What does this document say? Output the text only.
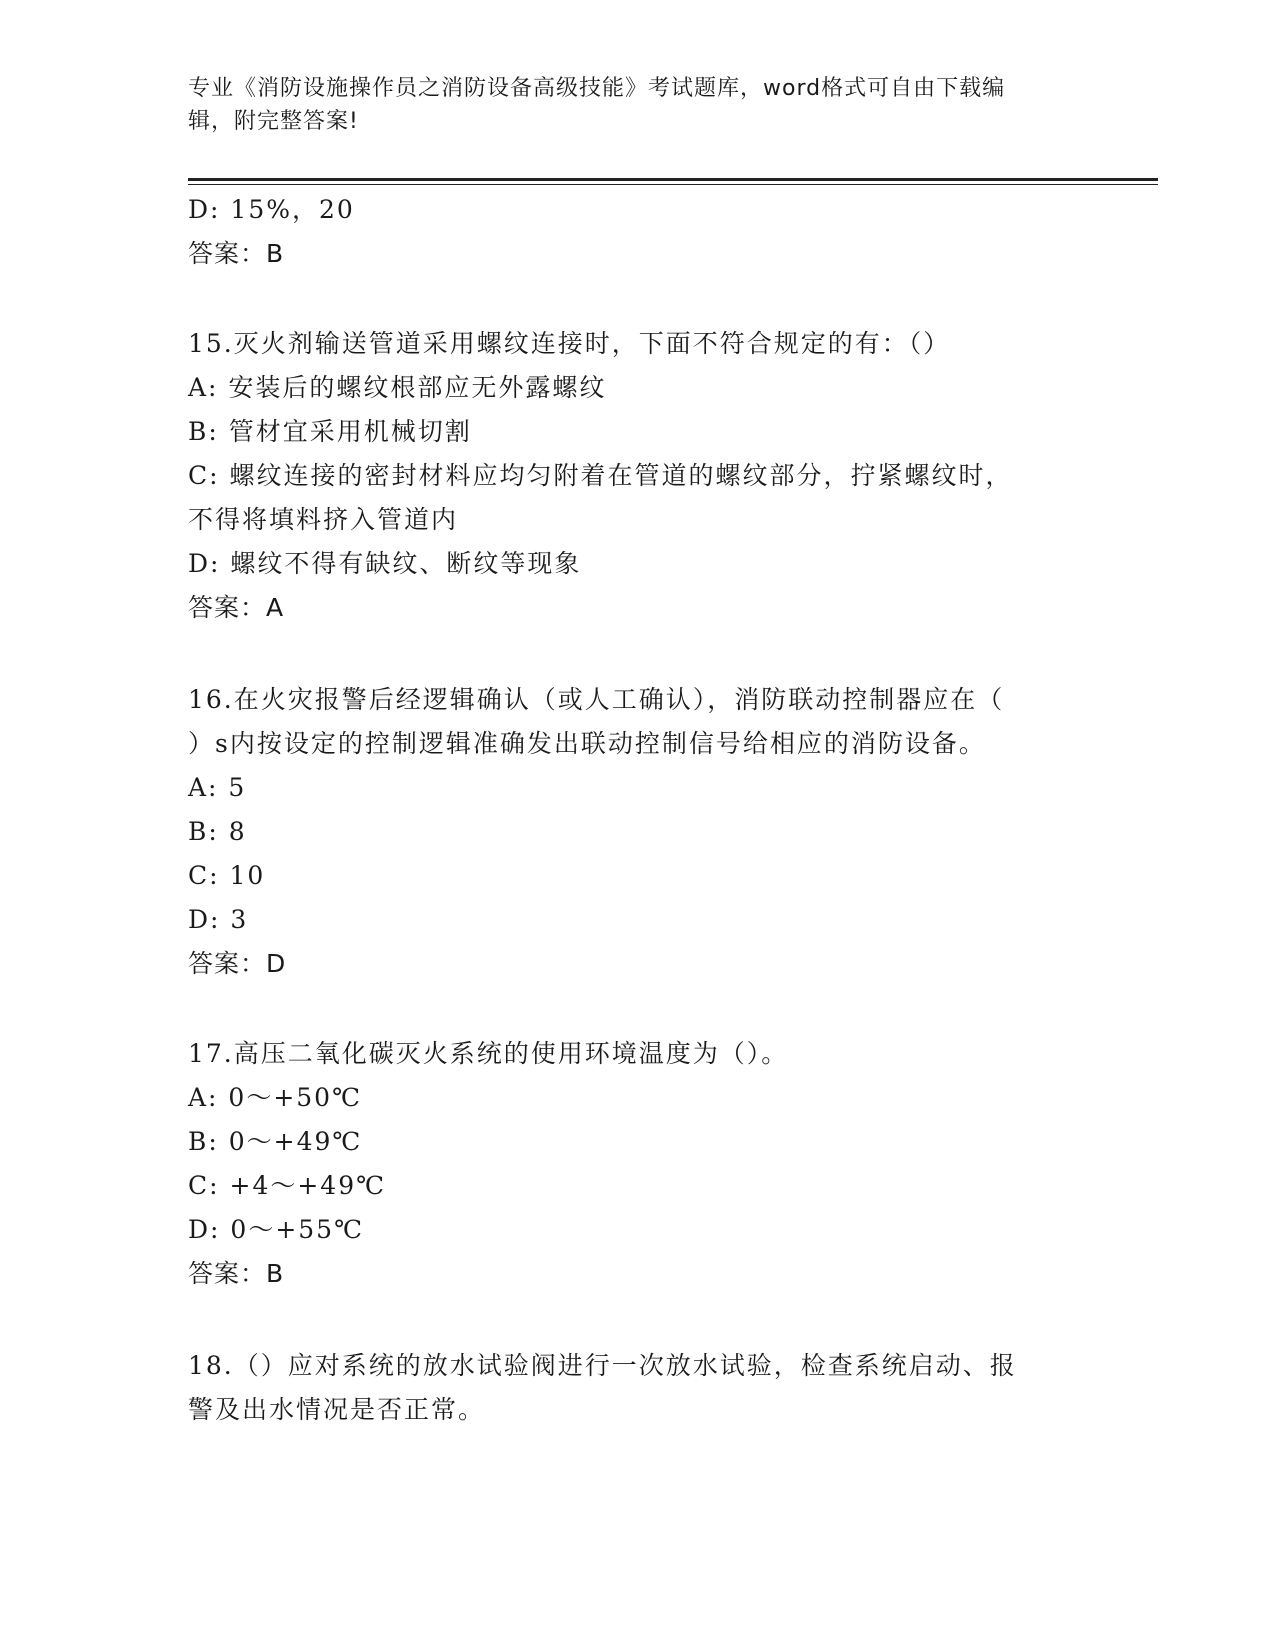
专业《消防设施操作员之消防设备高级技能》考试题库，word格式可自由下载编
辑，附完整答案!
D: 15%，20
答案：B
15.灭火剂输送管道采用螺纹连接时，下面不符合规定的有：（）
A: 安装后的螺纹根部应无外露螺纹
B: 管材宜采用机械切割
C: 螺纹连接的密封材料应均匀附着在管道的螺纹部分，拧紧螺纹时，
不得将填料挤入管道内
D: 螺纹不得有缺纹、断纹等现象
答案：A
16.在火灾报警后经逻辑确认（或人工确认），消防联动控制器应在（
）s内按设定的控制逻辑准确发出联动控制信号给相应的消防设备。
A: 5
B: 8
C: 10
D: 3
答案：D
17.高压二氧化碳灭火系统的使用环境温度为（）。
A: 0～+50℃
B: 0～+49℃
C: +4～+49℃
D: 0～+55℃
答案：B
18.（）应对系统的放水试验阀进行一次放水试验，检查系统启动、报
警及出水情况是否正常。
